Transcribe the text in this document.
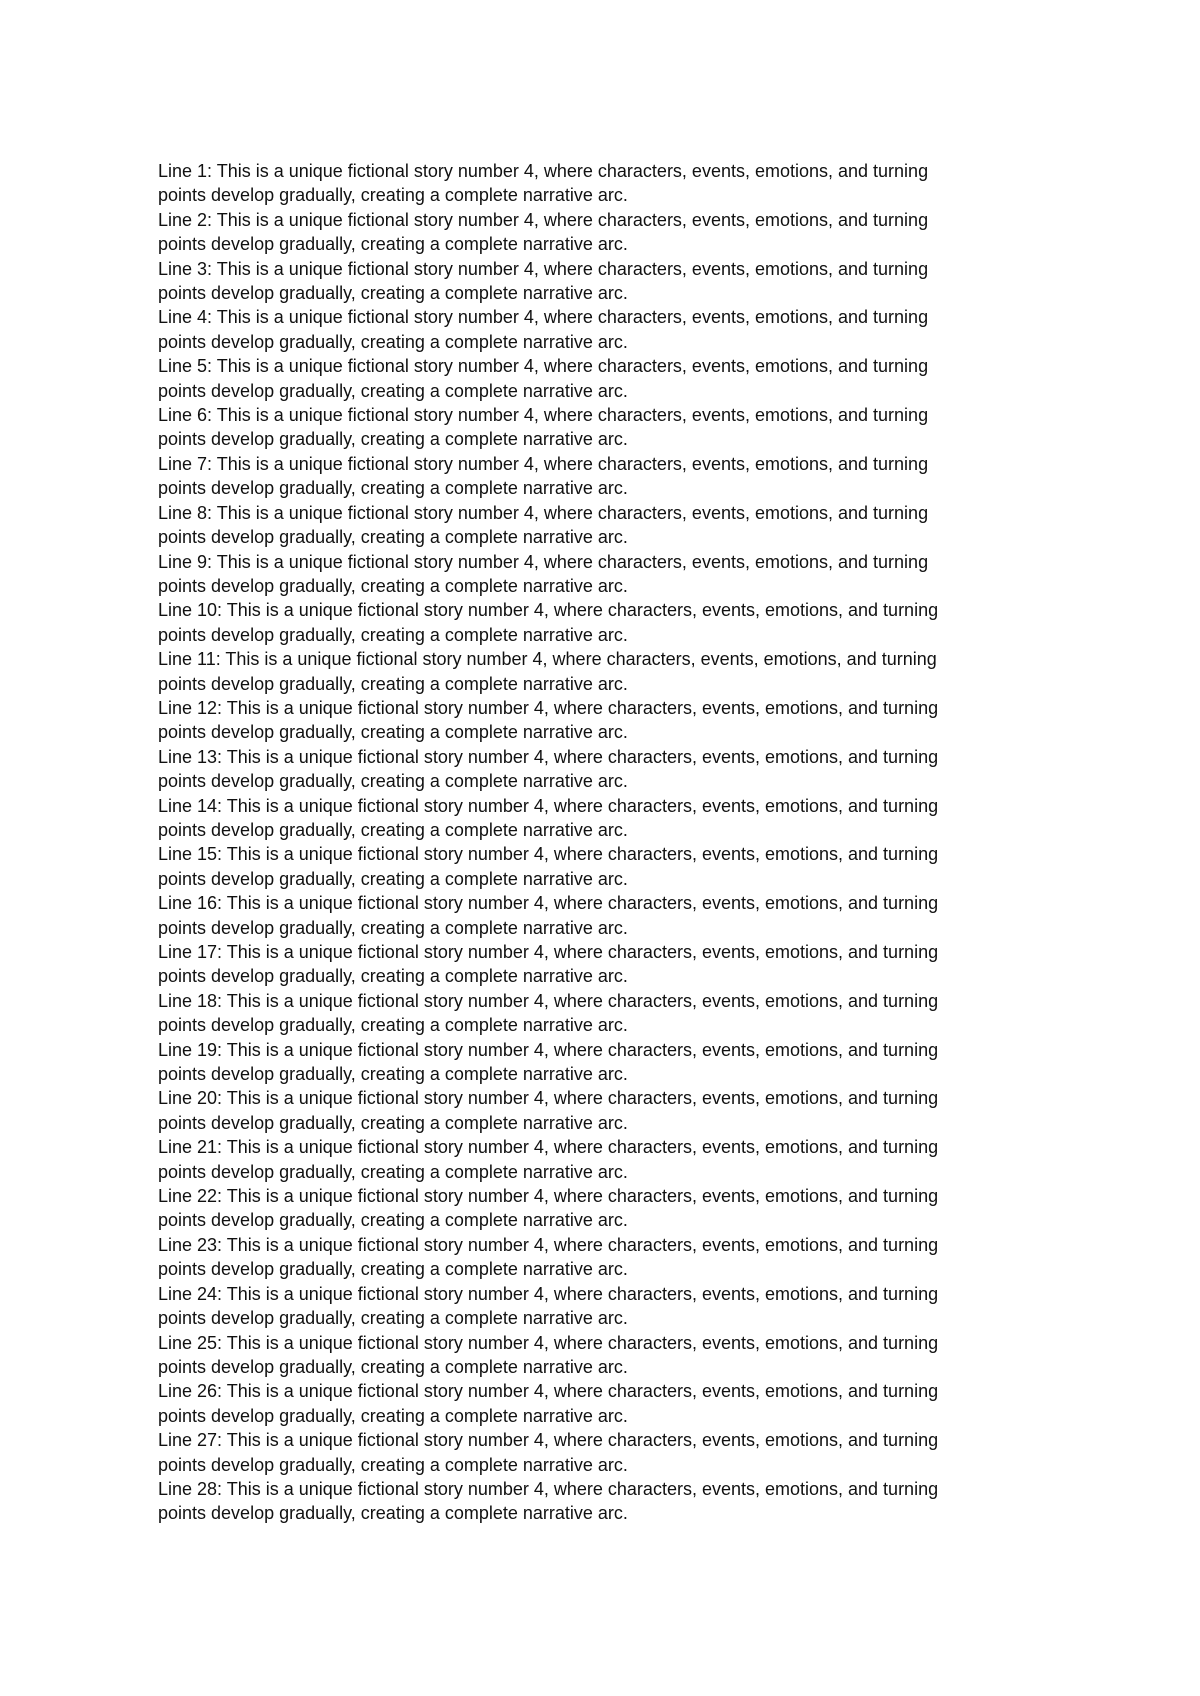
Line 1: This is a unique fictional story number 4, where characters, events, emotions, and turning
points develop gradually, creating a complete narrative arc.

Line 2: This is a unique fictional story number 4, where characters, events, emotions, and turning
points develop gradually, creating a complete narrative arc.

Line 3: This is a unique fictional story number 4, where characters, events, emotions, and turning
points develop gradually, creating a complete narrative arc.

Line 4: This is a unique fictional story number 4, where characters, events, emotions, and turning
points develop gradually, creating a complete narrative arc.

Line 5: This is a unique fictional story number 4, where characters, events, emotions, and turning
points develop gradually, creating a complete narrative arc.

Line 6: This is a unique fictional story number 4, where characters, events, emotions, and turning
points develop gradually, creating a complete narrative arc.

Line 7: This is a unique fictional story number 4, where characters, events, emotions, and turning
points develop gradually, creating a complete narrative arc.

Line 8: This is a unique fictional story number 4, where characters, events, emotions, and turning
points develop gradually, creating a complete narrative arc.

Line 9: This is a unique fictional story number 4, where characters, events, emotions, and turning
points develop gradually, creating a complete narrative arc.

Line 10: This is a unique fictional story number 4, where characters, events, emotions, and turning
points develop gradually, creating a complete narrative arc.

Line 11: This is a unique fictional story number 4, where characters, events, emotions, and turning
points develop gradually, creating a complete narrative arc.

Line 12: This is a unique fictional story number 4, where characters, events, emotions, and turning
points develop gradually, creating a complete narrative arc.

Line 13: This is a unique fictional story number 4, where characters, events, emotions, and turning
points develop gradually, creating a complete narrative arc.

Line 14: This is a unique fictional story number 4, where characters, events, emotions, and turning
points develop gradually, creating a complete narrative arc.

Line 15: This is a unique fictional story number 4, where characters, events, emotions, and turning
points develop gradually, creating a complete narrative arc.

Line 16: This is a unique fictional story number 4, where characters, events, emotions, and turning
points develop gradually, creating a complete narrative arc.

Line 17: This is a unique fictional story number 4, where characters, events, emotions, and turning
points develop gradually, creating a complete narrative arc.

Line 18: This is a unique fictional story number 4, where characters, events, emotions, and turning
points develop gradually, creating a complete narrative arc.

Line 19: This is a unique fictional story number 4, where characters, events, emotions, and turning
points develop gradually, creating a complete narrative arc.

Line 20: This is a unique fictional story number 4, where characters, events, emotions, and turning
points develop gradually, creating a complete narrative arc.

Line 21: This is a unique fictional story number 4, where characters, events, emotions, and turning
points develop gradually, creating a complete narrative arc.

Line 22: This is a unique fictional story number 4, where characters, events, emotions, and turning
points develop gradually, creating a complete narrative arc.

Line 23: This is a unique fictional story number 4, where characters, events, emotions, and turning
points develop gradually, creating a complete narrative arc.

Line 24: This is a unique fictional story number 4, where characters, events, emotions, and turning
points develop gradually, creating a complete narrative arc.

Line 25: This is a unique fictional story number 4, where characters, events, emotions, and turning
points develop gradually, creating a complete narrative arc.

Line 26: This is a unique fictional story number 4, where characters, events, emotions, and turning
points develop gradually, creating a complete narrative arc.

Line 27: This is a unique fictional story number 4, where characters, events, emotions, and turning
points develop gradually, creating a complete narrative arc.

Line 28: This is a unique fictional story number 4, where characters, events, emotions, and turning
points develop gradually, creating a complete narrative arc.
